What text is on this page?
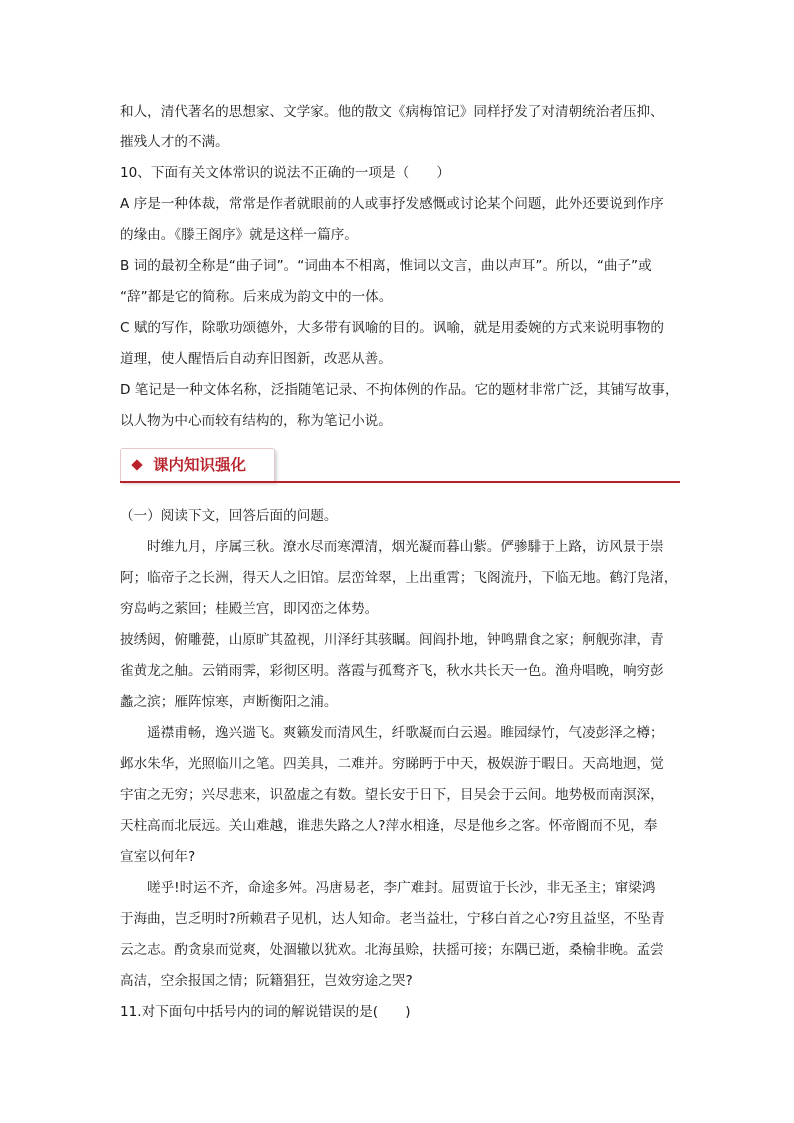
和人，清代著名的思想家、文学家。他的散文《病梅馆记》同样抒发了对清朝统治者压抑、
摧残人才的不满。
10、下面有关文体常识的说法不正确的一项是（　　）
A 序是一种体裁，常常是作者就眼前的人或事抒发感慨或讨论某个问题，此外还要说到作序
的缘由。《滕王阁序》就是这样一篇序。
B 词的最初全称是“曲子词”。“词曲本不相离，惟词以文言，曲以声耳”。所以，“曲子”或
“辞”都是它的简称。后来成为韵文中的一体。
C 赋的写作，除歌功颂德外，大多带有讽喻的目的。讽喻，就是用委婉的方式来说明事物的
道理，使人醒悟后自动弃旧图新，改恶从善。
D 笔记是一种文体名称，泛指随笔记录、不拘体例的作品。它的题材非常广泛，其铺写故事，
以人物为中心而较有结构的，称为笔记小说。
课内知识强化
（一）阅读下文，回答后面的问题。
时维九月，序属三秋。潦水尽而寒潭清，烟光凝而暮山紫。俨骖騑于上路，访风景于崇
阿；临帝子之长洲，得天人之旧馆。层峦耸翠，上出重霄；飞阁流丹，下临无地。鹤汀凫渚，
穷岛屿之萦回；桂殿兰宫，即冈峦之体势。
披绣闼，俯雕甍，山原旷其盈视，川泽纡其骇瞩。闾阎扑地，钟鸣鼎食之家；舸舰弥津，青
雀黄龙之舳。云销雨霁，彩彻区明。落霞与孤鹜齐飞，秋水共长天一色。渔舟唱晚，响穷彭
蠡之滨；雁阵惊寒，声断衡阳之浦。
遥襟甫畅，逸兴遄飞。爽籁发而清风生，纤歌凝而白云遏。睢园绿竹，气凌彭泽之樽；
邺水朱华，光照临川之笔。四美具，二难并。穷睇眄于中天，极娱游于暇日。天高地迥，觉
宇宙之无穷；兴尽悲来，识盈虚之有数。望长安于日下，目吴会于云间。地势极而南溟深，
天柱高而北辰远。关山难越，谁悲失路之人?萍水相逢，尽是他乡之客。怀帝阍而不见，奉
宣室以何年?
嗟乎!时运不齐，命途多舛。冯唐易老，李广难封。屈贾谊于长沙，非无圣主；窜梁鸿
于海曲，岂乏明时?所赖君子见机，达人知命。老当益壮，宁移白首之心?穷且益坚，不坠青
云之志。酌贪泉而觉爽，处涸辙以犹欢。北海虽赊，扶摇可接；东隅已逝，桑榆非晚。孟尝
高洁，空余报国之情；阮籍猖狂，岂效穷途之哭?
11.对下面句中括号内的词的解说错误的是(　　)
